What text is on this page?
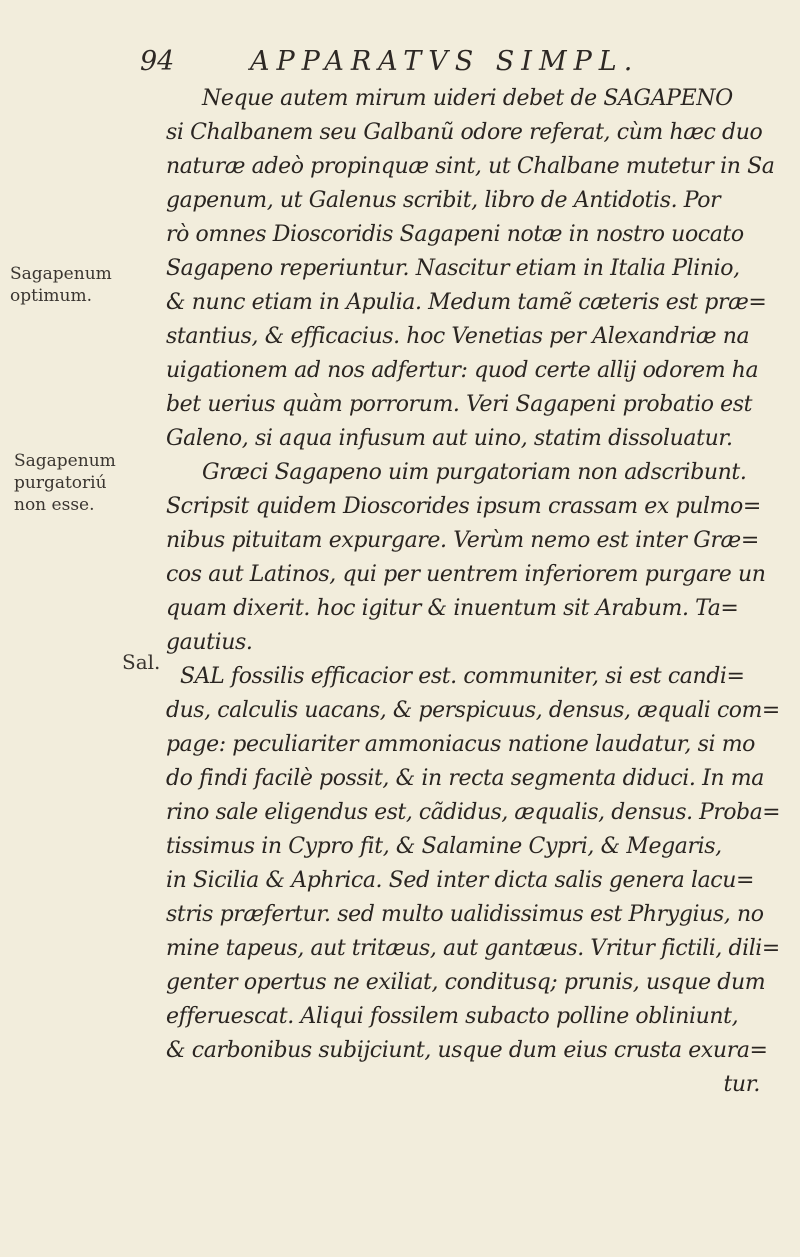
94	APPARATVS SIMPL.
Sagapenum
optimum.
Sagapenum
purgatoriú
non esse.
Sal.
Neque autem mirum uideri debet de SAGAPENO
si Chalbanem seu Galbanũ odore referat, cùm hæc duo
naturæ adeò propinquæ sint, ut Chalbane mutetur in Sa
gapenum, ut Galenus scribit, libro de Antidotis. Por
rò omnes Dioscoridis Sagapeni notæ in nostro uocato
Sagapeno reperiuntur. Nascitur etiam in Italia Plinio,
& nunc etiam in Apulia. Medum tamẽ cæteris est præ=
stantius, & efficacius. hoc Venetias per Alexandriæ na
uigationem ad nos adfertur: quod certe allij odorem ha
bet uerius quàm porrorum. Veri Sagapeni probatio est
Galeno, si aqua infusum aut uino, statim dissoluatur.
Græci Sagapeno uim purgatoriam non adscribunt.
Scripsit quidem Dioscorides ipsum crassam ex pulmo=
nibus pituitam expurgare. Verùm nemo est inter Græ=
cos aut Latinos, qui per uentrem inferiorem purgare un
quam dixerit. hoc igitur & inuentum sit Arabum. Ta=
gautius.
SAL fossilis efficacior est. communiter, si est candi=
dus, calculis uacans, & perspicuus, densus, æquali com=
page: peculiariter ammoniacus natione laudatur, si mo
do findi facilè possit, & in recta segmenta diduci. In ma
rino sale eligendus est, cãdidus, æqualis, densus. Proba=
tissimus in Cypro fit, & Salamine Cypri, & Megaris,
in Sicilia & Aphrica. Sed inter dicta salis genera lacu=
stris præfertur. sed multo ualidissimus est Phrygius, no
mine tapeus, aut tritæus, aut gantæus. Vritur fictili, dili=
genter opertus ne exiliat, conditusq; prunis, usque dum
efferuescat. Aliqui fossilem subacto polline obliniunt,
& carbonibus subijciunt, usque dum eius crusta exura=
tur.
